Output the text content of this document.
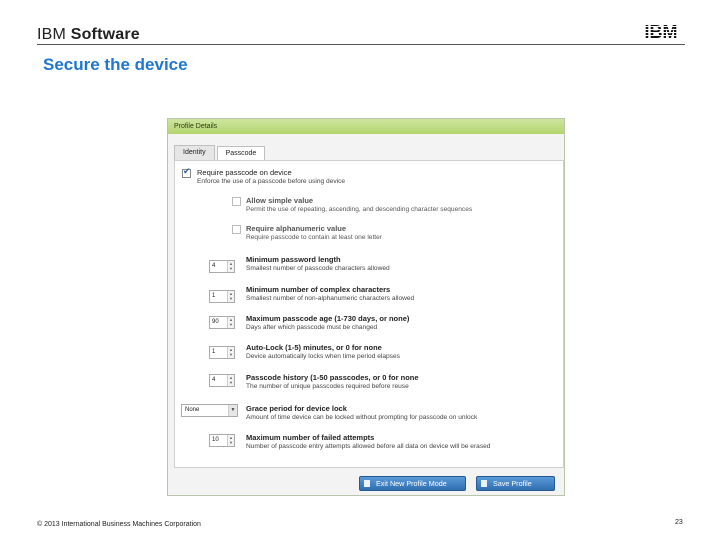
IBM Software
Secure the device
Profile Details
Identity	Passcode
✔
Require passcode on device
Enforce the use of a passcode before using device
Allow simple value
Permit the use of repeating, ascending, and descending character sequences
Require alphanumeric value
Require passcode to contain at least one letter
4	▲
▼
Minimum password length
Smallest number of passcode characters allowed
1	▲
▼
Minimum number of complex characters
Smallest number of non-alphanumeric characters allowed
90	▲
▼
Maximum passcode age (1-730 days, or none)
Days after which passcode must be changed
1	▲
▼
Auto-Lock (1-5) minutes, or 0 for none
Device automatically locks when time period elapses
4	▲
▼
Passcode history (1-50 passcodes, or 0 for none
The number of unique passcodes required before reuse
None	▼ Grace period for device lock
Amount of time device can be locked without prompting for passcode on unlock
10	▲
▼
Maximum number of failed attempts
Number of passcode entry attempts allowed before all data on device will be erased
Exit New Profile Mode	Save Profile
© 2013 International Business Machines Corporation	23
